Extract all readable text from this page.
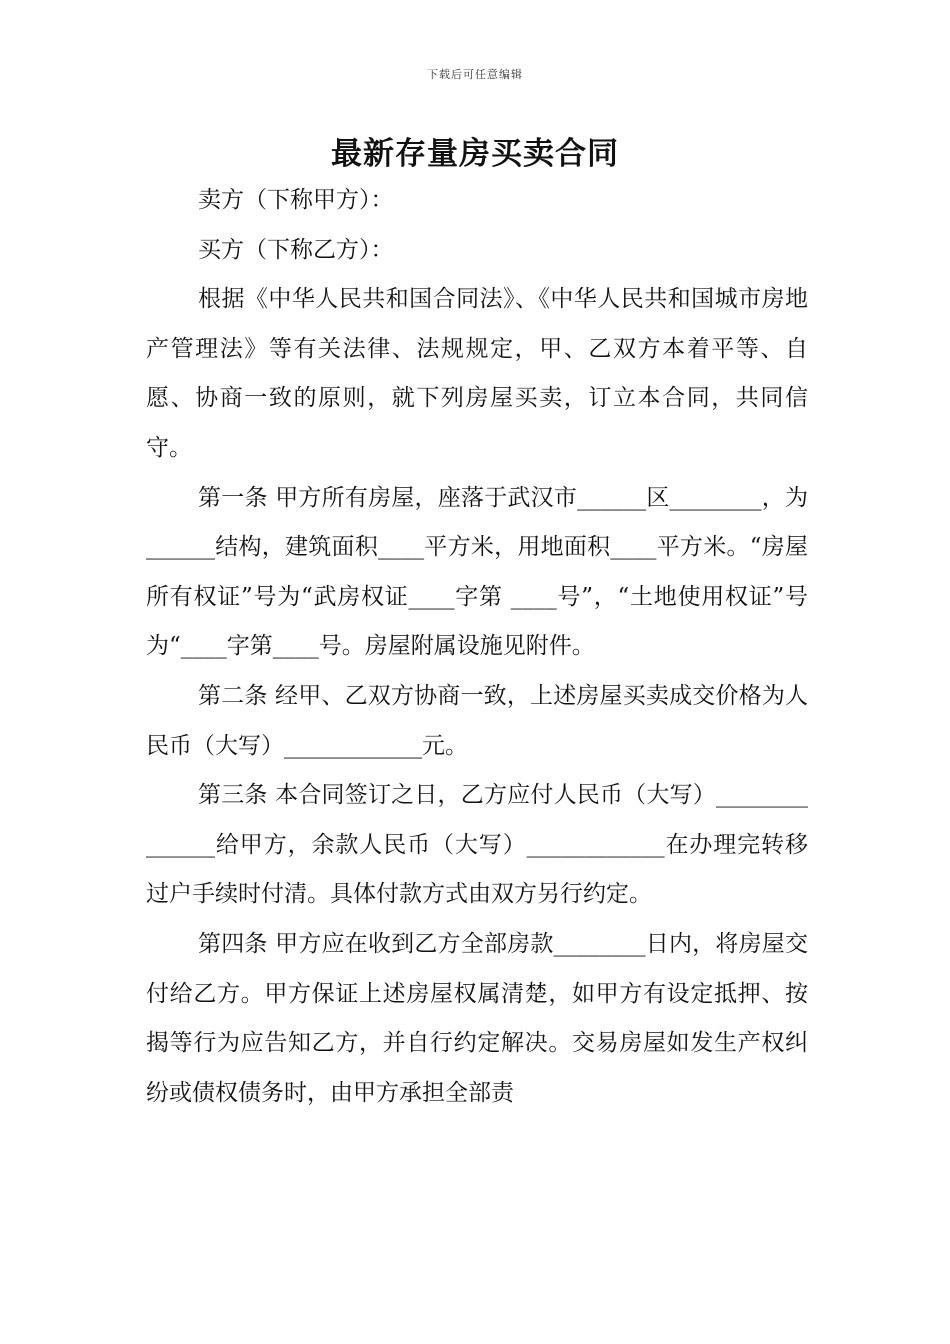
下载后可任意编辑
最新存量房买卖合同

卖方（下称甲方）：

买方（下称乙方）：

根据《中华人民共和国合同法》、《中华人民共和国城市房地产管理法》等有关法律、法规规定，甲、乙双方本着平等、自愿、协商一致的原则，就下列房屋买卖，订立本合同，共同信守。

第一条 甲方所有房屋，座落于武汉市______区________，为______结构，建筑面积____平方米，用地面积____平方米。“房屋所有权证”号为“武房权证____字第 ____号”，“土地使用权证”号为“____字第____号。房屋附属设施见附件。

第二条 经甲、乙双方协商一致，上述房屋买卖成交价格为人民币（大写）____________元。

第三条 本合同签订之日，乙方应付人民币（大写）______________给甲方，余款人民币（大写）____________在办理完转移过户手续时付清。具体付款方式由双方另行约定。

第四条 甲方应在收到乙方全部房款________日内，将房屋交付给乙方。甲方保证上述房屋权属清楚，如甲方有设定抵押、按揭等行为应告知乙方，并自行约定解决。交易房屋如发生产权纠纷或债权债务时，由甲方承担全部责
